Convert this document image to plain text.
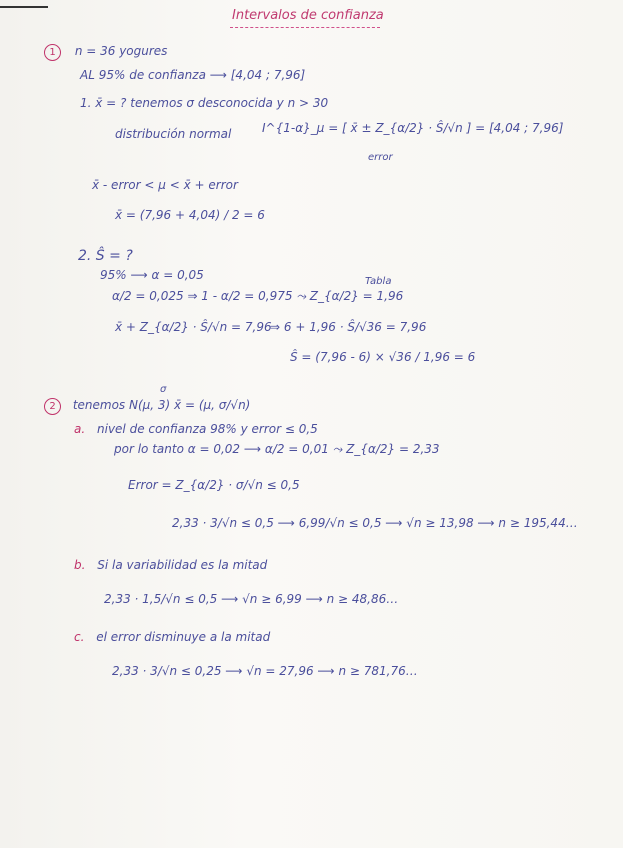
Intervalos de confianza
1 n = 36 yogures
AL 95% de confianza ⟶ [4,04 ; 7,96]
1. x̄ = ? tenemos σ desconocida y n > 30
distribución normal	I^{1-α}_μ = [ x̄ ± Z_{α/2} · Ŝ/√n ] = [4,04 ; 7,96]
error
x̄ - error < μ < x̄ + error
x̄ = (7,96 + 4,04) / 2 = 6
2. Ŝ = ?
95% ⟶ α = 0,05	Tabla
α/2 = 0,025 ⇒ 1 - α/2 = 0,975 ⤳ Z_{α/2} = 1,96
x̄ + Z_{α/2} · Ŝ/√n = 7,96
⇒ 6 + 1,96 · Ŝ/√36 = 7,96
Ŝ = (7,96 - 6) × √36 / 1,96 = 6
σ
2 tenemos N(μ, 3) x̄ = (μ, σ/√n)
a. nivel de confianza 98% y error ≤ 0,5
por lo tanto α = 0,02 ⟶ α/2 = 0,01 ⤳ Z_{α/2} = 2,33
Error = Z_{α/2} · σ/√n ≤ 0,5
2,33 · 3/√n ≤ 0,5 ⟶ 6,99/√n ≤ 0,5 ⟶ √n ≥ 13,98 ⟶ n ≥ 195,44…
b. Si la variabilidad es la mitad
2,33 · 1,5/√n ≤ 0,5 ⟶ √n ≥ 6,99 ⟶ n ≥ 48,86…
c. el error disminuye a la mitad
2,33 · 3/√n ≤ 0,25 ⟶ √n = 27,96 ⟶ n ≥ 781,76…
